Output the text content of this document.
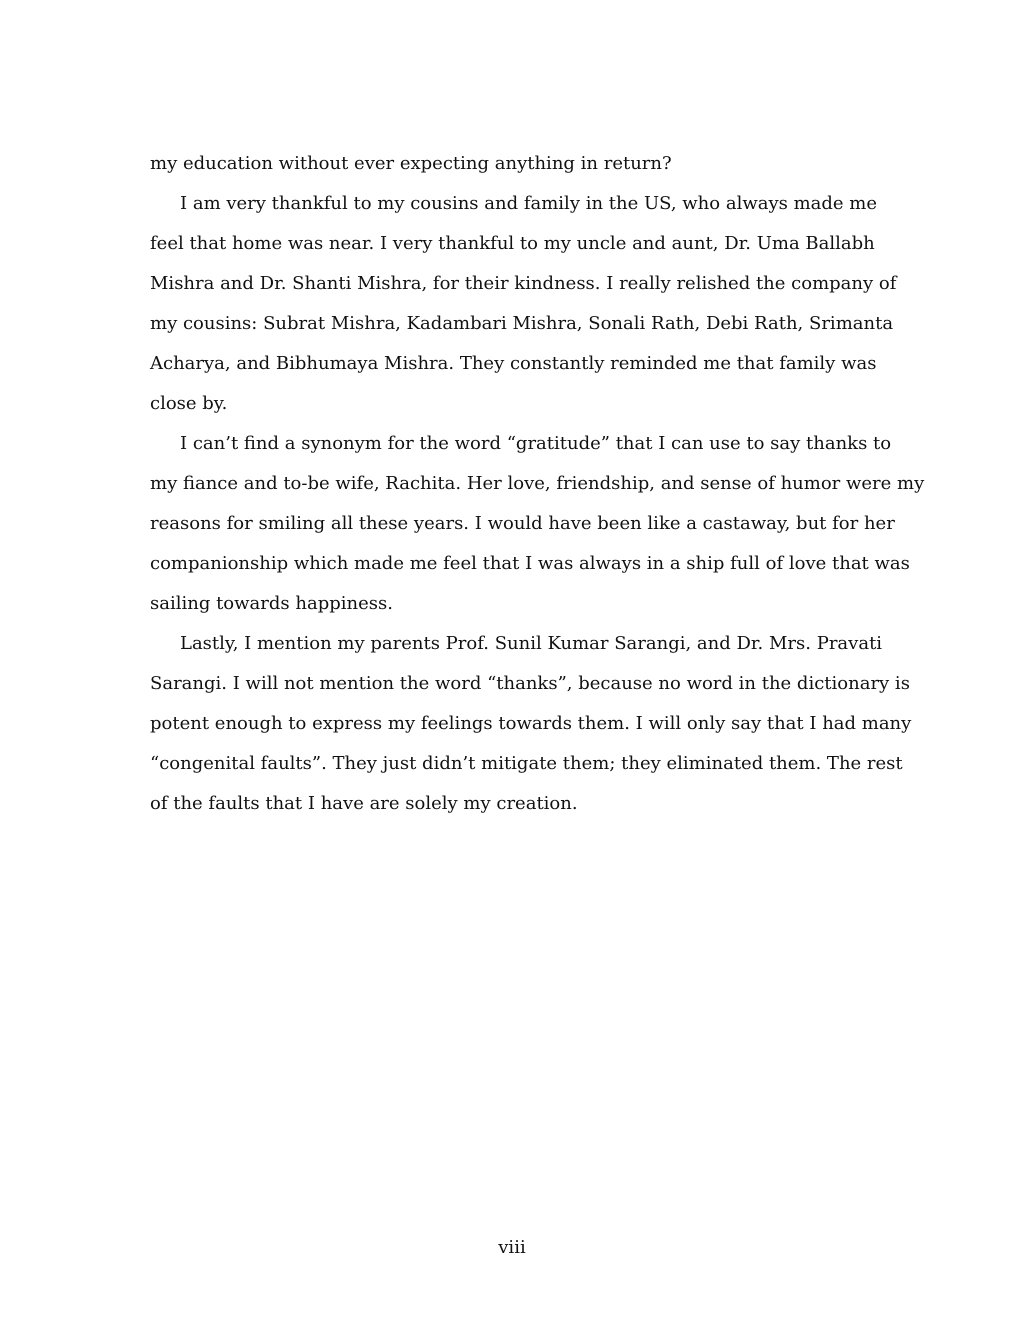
my education without ever expecting anything in return?
I am very thankful to my cousins and family in the US, who always made me
feel that home was near. I very thankful to my uncle and aunt, Dr. Uma Ballabh
Mishra and Dr. Shanti Mishra, for their kindness. I really relished the company of
my cousins: Subrat Mishra, Kadambari Mishra, Sonali Rath, Debi Rath, Srimanta
Acharya, and Bibhumaya Mishra. They constantly reminded me that family was
close by.
I can’t find a synonym for the word “gratitude” that I can use to say thanks to
my fiance and to-be wife, Rachita. Her love, friendship, and sense of humor were my
reasons for smiling all these years. I would have been like a castaway, but for her
companionship which made me feel that I was always in a ship full of love that was
sailing towards happiness.
Lastly, I mention my parents Prof. Sunil Kumar Sarangi, and Dr. Mrs. Pravati
Sarangi. I will not mention the word “thanks”, because no word in the dictionary is
potent enough to express my feelings towards them. I will only say that I had many
“congenital faults”. They just didn’t mitigate them; they eliminated them. The rest
of the faults that I have are solely my creation.
viii
